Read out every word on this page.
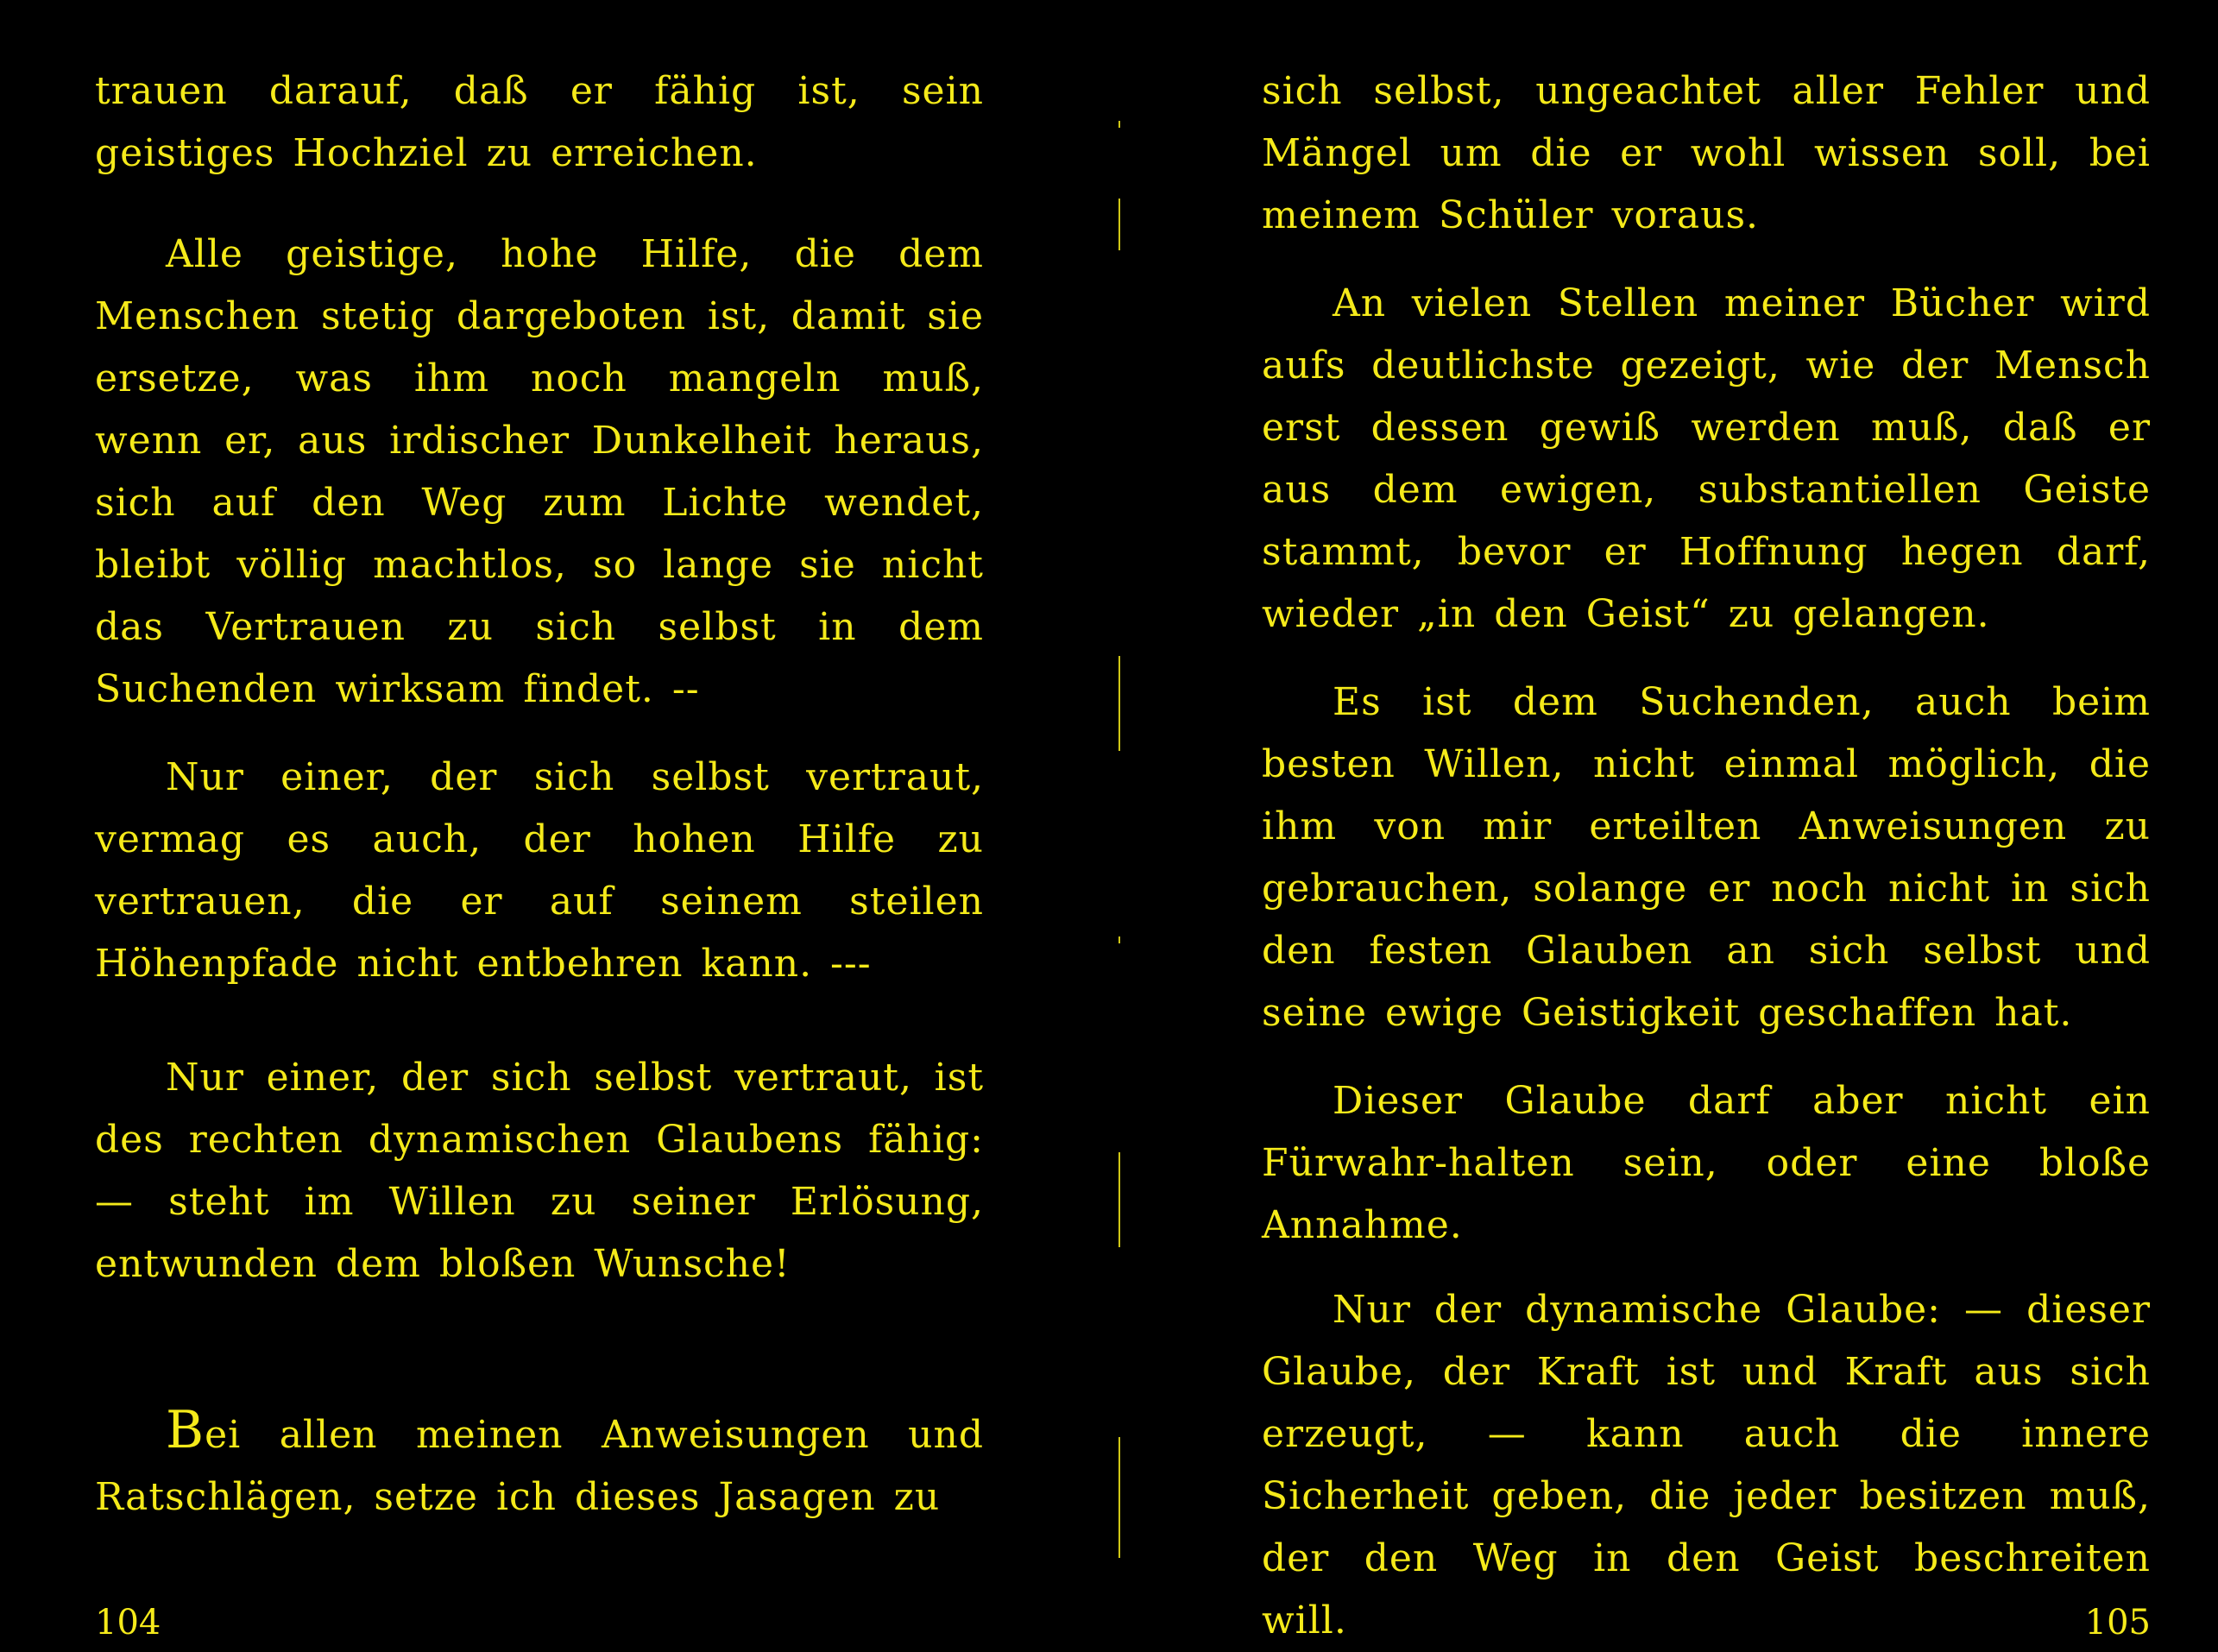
trauen darauf, daß er fähig ist, sein geistiges Hochziel zu erreichen.

Alle geistige, hohe Hilfe, die dem Menschen stetig dargeboten ist, damit sie ersetze, was ihm noch mangeln muß, wenn er, aus irdischer Dunkelheit heraus, sich auf den Weg zum Lichte wendet, bleibt völlig machtlos, so lange sie nicht das Vertrauen zu sich selbst in dem Suchenden wirksam findet. --

Nur einer, der sich selbst vertraut, vermag es auch, der hohen Hilfe zu vertrauen, die er auf seinem steilen Höhenpfade nicht entbehren kann. ---

Nur einer, der sich selbst vertraut, ist des rechten dynamischen Glaubens fähig: — steht im Willen zu seiner Erlösung, entwunden dem bloßen Wunsche!

Bei allen meinen Anweisungen und Ratschlägen, setze ich dieses Jasagen zu

104

sich selbst, ungeachtet aller Fehler und Mängel um die er wohl wissen soll, bei meinem Schüler voraus.

An vielen Stellen meiner Bücher wird aufs deutlichste gezeigt, wie der Mensch erst dessen gewiß werden muß, daß er aus dem ewigen, substantiellen Geiste stammt, bevor er Hoffnung hegen darf, wieder „in den Geist“ zu gelangen.

Es ist dem Suchenden, auch beim besten Willen, nicht einmal möglich, die ihm von mir erteilten Anweisungen zu gebrauchen, solange er noch nicht in sich den festen Glauben an sich selbst und seine ewige Geistigkeit geschaffen hat.

Dieser Glaube darf aber nicht ein Fürwahr-halten sein, oder eine bloße Annahme.

Nur der dynamische Glaube: — dieser Glaube, der Kraft ist und Kraft aus sich erzeugt, — kann auch die innere Sicherheit geben, die jeder besitzen muß, der den Weg in den Geist beschreiten will.	105
